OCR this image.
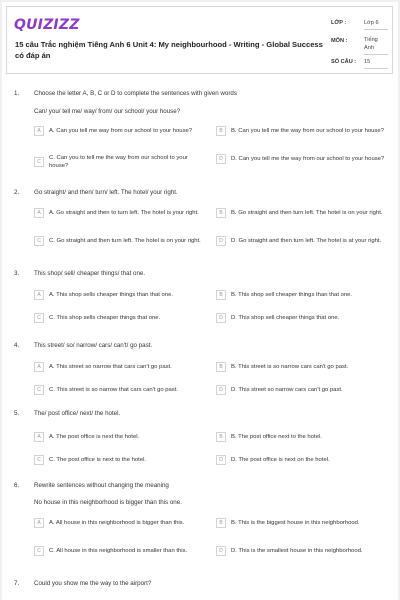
QUIZIZZ
15 câu Trắc nghiệm Tiếng Anh 6 Unit 4: My neighbourhood - Writing - Global Success có đáp án
LỚP :	Lớp 6
MÔN :	Tiếng Anh
SỐ CÂU : 15
1. Choose the letter A, B, C or D to complete the sentences with given words
Can/ you/ tell me/ way/ from/ our school/ your house?
A	A. Can you tell me way from our school to your house?	B	B. Can you tell me the way from our school to your house?
C
C. Can you to tell me the way from our school to your house?
D	D. Can you tell me the way from our school to your house?
2. Go straight/ and then/ turn/ left. The hotel/ your right.
A	A. Go straight and then to turn left. The hotel is your right.	B	B. Go straight and then turn left. The hotel is on your right.
C	C. Go straight and then turn left. The hotel is on your right.	D	D. Go straight and then turn left. The hotel is at your right.
3. This shop/ sell/ cheaper things/ that one.
A	A. This shop sells cheaper things than that one.	B	B. This shop sell cheaper things than that one.
C	C. This shop sells cheaper things that one.	D	D. This shop sell cheaper things that one.
4. This street/ so/ narrow/ cars/ can't/ go past.
A	A. This street so narrow that cars can't go past.	B	B. This street is so narrow cars can't go past.
C	C. This street is so narrow that cars can't go past.	D	D. This street so narrow cars can't go past.
5. The/ post office/ next/ the hotel.
A	A. The post office is next the hotel.	B	B. The post office next to the hotel.
C	C. The post office is next to the hotel.	D	D. The post office is next on the hotel.
6. Rewrite sentences without changing the meaning
No house in this neighborhood is bigger than this one.
A	A. All house in this neighborhood is bigger than this.	B	B. This is the biggest house in this neighborhood.
C	C. All house in this neighborhood is smaller than this.	D	D. This is the smallest house in this neighborhood.
7. Could you show me the way to the airport?
